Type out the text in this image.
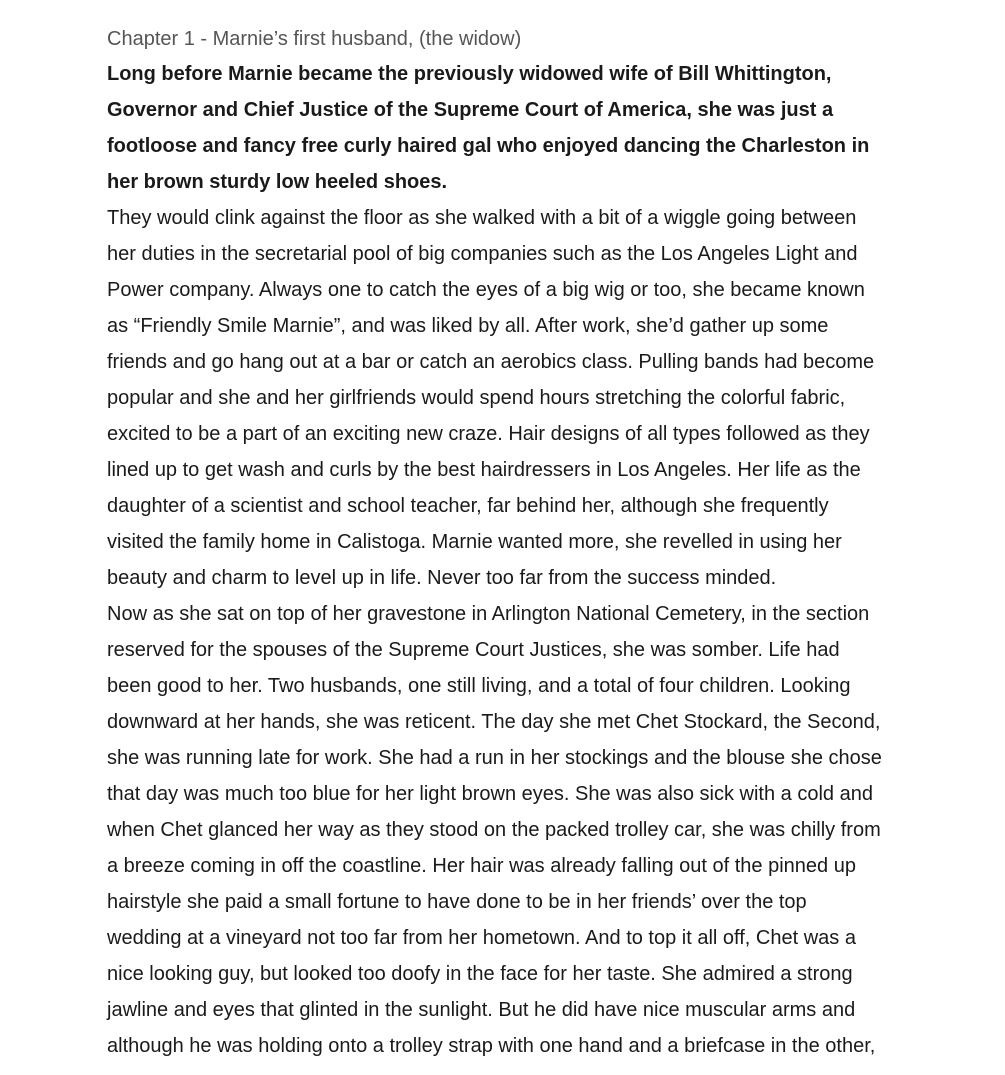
Chapter 1 - Marnie’s first husband, (the widow)

Long before Marnie became the previously widowed wife of Bill Whittington,
Governor and Chief Justice of the Supreme Court of America, she was just a
footloose and fancy free curly haired gal who enjoyed dancing the Charleston in
her brown sturdy low heeled shoes.

They would clink against the floor as she walked with a bit of a wiggle going between
her duties in the secretarial pool of big companies such as the Los Angeles Light and
Power company. Always one to catch the eyes of a big wig or too, she became known
as “Friendly Smile Marnie”, and was liked by all. After work, she’d gather up some
friends and go hang out at a bar or catch an aerobics class. Pulling bands had become
popular and she and her girlfriends would spend hours stretching the colorful fabric,
excited to be a part of an exciting new craze. Hair designs of all types followed as they
lined up to get wash and curls by the best hairdressers in Los Angeles. Her life as the
daughter of a scientist and school teacher, far behind her, although she frequently
visited the family home in Calistoga. Marnie wanted more, she revelled in using her
beauty and charm to level up in life. Never too far from the success minded.

Now as she sat on top of her gravestone in Arlington National Cemetery, in the section
reserved for the spouses of the Supreme Court Justices, she was somber. Life had
been good to her. Two husbands, one still living, and a total of four children. Looking
downward at her hands, she was reticent. The day she met Chet Stockard, the Second,
she was running late for work. She had a run in her stockings and the blouse she chose
that day was much too blue for her light brown eyes. She was also sick with a cold and
when Chet glanced her way as they stood on the packed trolley car, she was chilly from
a breeze coming in off the coastline. Her hair was already falling out of the pinned up
hairstyle she paid a small fortune to have done to be in her friends’ over the top
wedding at a vineyard not too far from her hometown. And to top it all off, Chet was a
nice looking guy, but looked too doofy in the face for her taste. She admired a strong
jawline and eyes that glinted in the sunlight. But he did have nice muscular arms and
although he was holding onto a trolley strap with one hand and a briefcase in the other,
